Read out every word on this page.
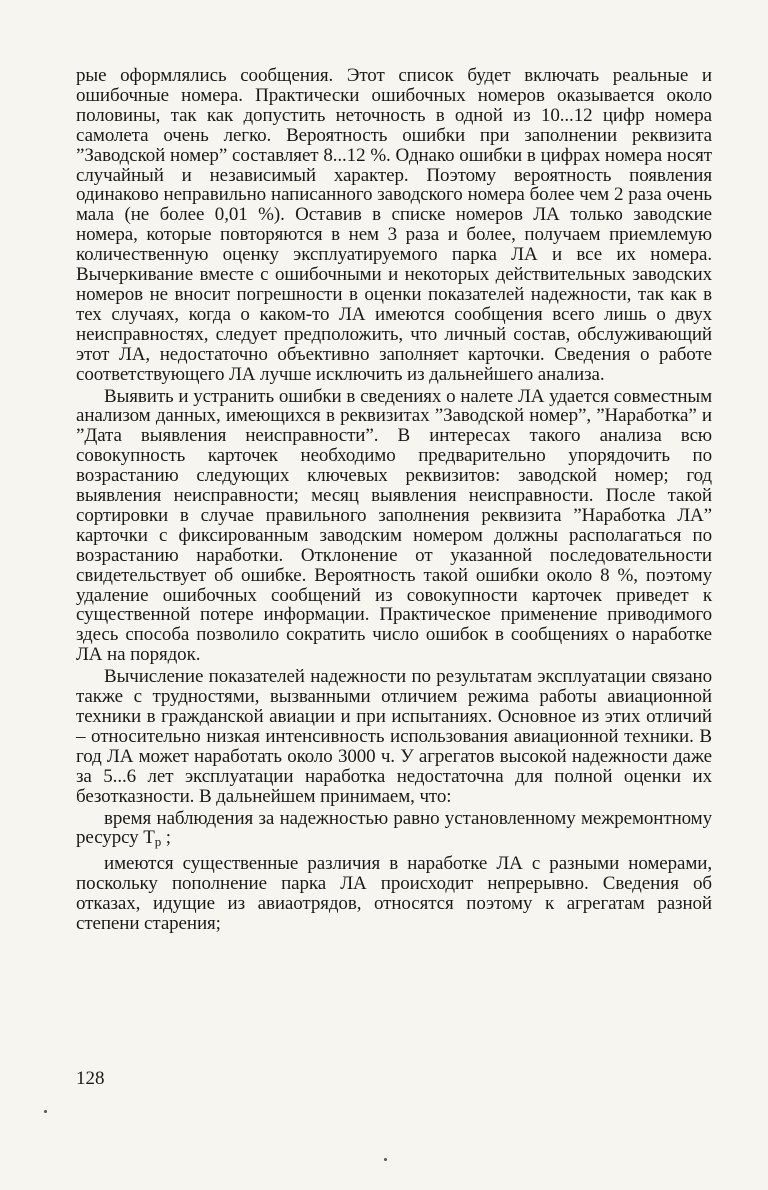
рые оформлялись сообщения. Этот список будет включать реальные и ошибочные номера. Практически ошибочных номеров оказывается около половины, так как допустить неточность в одной из 10...12 цифр номера самолета очень легко. Вероятность ошибки при заполнении реквизита ”Заводской номер” составляет 8...12 %. Однако ошибки в цифрах номера носят случайный и независимый характер. Поэтому вероятность появления одинаково неправильно написанного заводского номера более чем 2 раза очень мала (не более 0,01 %). Оставив в списке номеров ЛА только заводские номера, которые повторяются в нем 3 раза и более, получаем приемлемую количественную оценку эксплуатируемого парка ЛА и все их номера. Вычеркивание вместе с ошибочными и некоторых действительных заводских номеров не вносит погрешности в оценки показателей надежности, так как в тех случаях, когда о каком-то ЛА имеются сообщения всего лишь о двух неисправностях, следует предположить, что личный состав, обслуживающий этот ЛА, недостаточно объективно заполняет карточки. Сведения о работе соответствующего ЛА лучше исключить из дальнейшего анализа.

Выявить и устранить ошибки в сведениях о налете ЛА удается совместным анализом данных, имеющихся в реквизитах ”Заводской номер”, ”Наработка” и ”Дата выявления неисправности”. В интересах такого анализа всю совокупность карточек необходимо предварительно упорядочить по возрастанию следующих ключевых реквизитов: заводской номер; год выявления неисправности; месяц выявления неисправности. После такой сортировки в случае правильного заполнения реквизита ”Наработка ЛА” карточки с фиксированным заводским номером должны располагаться по возрастанию наработки. Отклонение от указанной последовательности свидетельствует об ошибке. Вероятность такой ошибки около 8 %, поэтому удаление ошибочных сообщений из совокупности карточек приведет к существенной потере информации. Практическое применение приводимого здесь способа позволило сократить число ошибок в сообщениях о наработке ЛА на порядок.

Вычисление показателей надежности по результатам эксплуатации связано также с трудностями, вызванными отличием режима работы авиационной техники в гражданской авиации и при испытаниях. Основное из этих отличий – относительно низкая интенсивность использования авиационной техники. В год ЛА может наработать около 3000 ч. У агрегатов высокой надежности даже за 5...6 лет эксплуатации наработка недостаточна для полной оценки их безотказности. В дальнейшем принимаем, что:

время наблюдения за надежностью равно установленному межремонтному ресурсу $T_р$ ;

имеются существенные различия в наработке ЛА с разными номерами, поскольку пополнение парка ЛА происходит непрерывно. Сведения об отказах, идущие из авиаотрядов, относятся поэтому к агрегатам разной степени старения;

128
